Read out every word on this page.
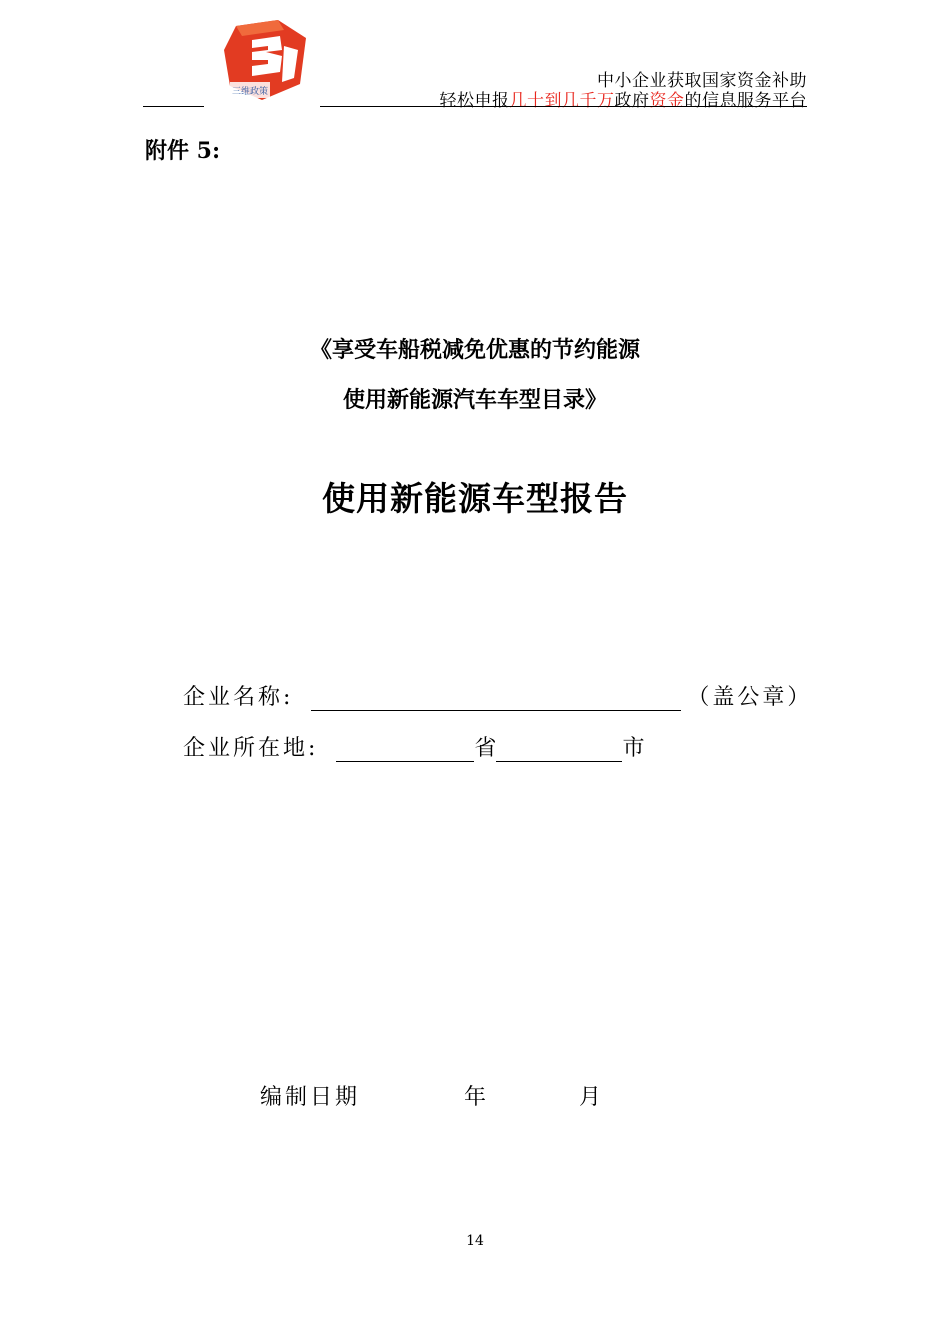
三维政策
中小企业获取国家资金补助
轻松申报几十到几千万政府资金的信息服务平台
附件 5:
《享受车船税减免优惠的节约能源
使用新能源汽车车型目录》
使用新能源车型报告
企业名称:	（盖公章）
企业所在地:	省	市
编制日期	年	月
14
